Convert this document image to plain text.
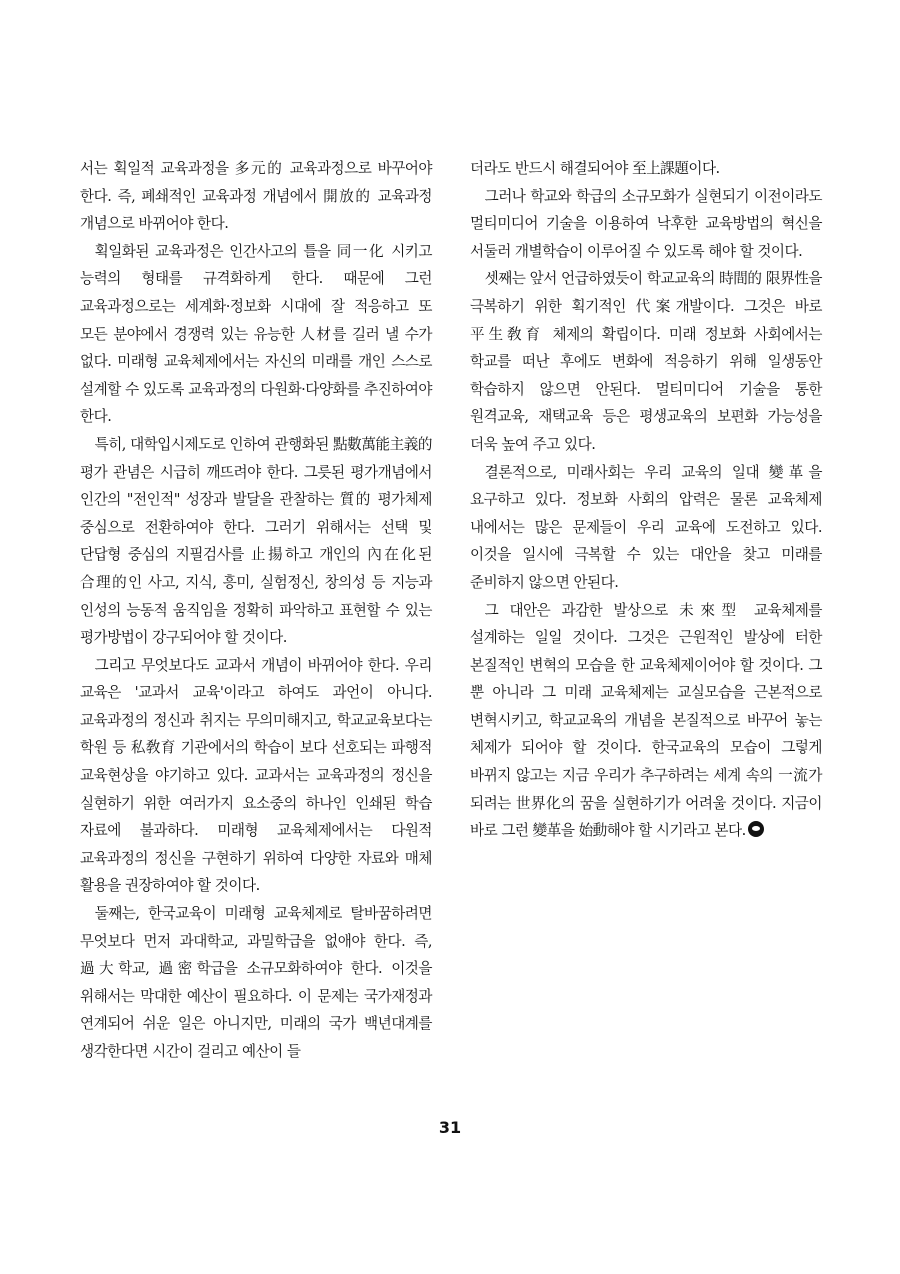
서는 획일적 교육과정을 多元的 교육과정으로 바꾸어야 한다. 즉, 폐쇄적인 교육과정 개념에서 開放的 교육과정 개념으로 바뀌어야 한다.

획일화된 교육과정은 인간사고의 틀을 同一化 시키고 능력의 형태를 규격화하게 한다. 때문에 그런 교육과정으로는 세계화·정보화 시대에 잘 적응하고 또 모든 분야에서 경쟁력 있는 유능한 人材를 길러 낼 수가 없다. 미래형 교육체제에서는 자신의 미래를 개인 스스로 설계할 수 있도록 교육과정의 다원화·다양화를 추진하여야 한다.

특히, 대학입시제도로 인하여 관행화된 點數萬能主義的 평가 관념은 시급히 깨뜨려야 한다. 그릇된 평가개념에서 인간의 "전인적" 성장과 발달을 관찰하는 質的 평가체제 중심으로 전환하여야 한다. 그러기 위해서는 선택 및 단답형 중심의 지필검사를 止揚하고 개인의 內在化된 合理的인 사고, 지식, 흥미, 실험정신, 창의성 등 지능과 인성의 능동적 움직임을 정확히 파악하고 표현할 수 있는 평가방법이 강구되어야 할 것이다.

그리고 무엇보다도 교과서 개념이 바뀌어야 한다. 우리 교육은 '교과서 교육'이라고 하여도 과언이 아니다. 교육과정의 정신과 취지는 무의미해지고, 학교교육보다는 학원 등 私敎育 기관에서의 학습이 보다 선호되는 파행적 교육현상을 야기하고 있다. 교과서는 교육과정의 정신을 실현하기 위한 여러가지 요소중의 하나인 인쇄된 학습 자료에 불과하다. 미래형 교육체제에서는 다원적 교육과정의 정신을 구현하기 위하여 다양한 자료와 매체 활용을 권장하여야 할 것이다.

둘째는, 한국교육이 미래형 교육체제로 탈바꿈하려면 무엇보다 먼저 과대학교, 과밀학급을 없애야 한다. 즉, 過大학교, 過密학급을 소규모화하여야 한다. 이것을 위해서는 막대한 예산이 필요하다. 이 문제는 국가재정과 연계되어 쉬운 일은 아니지만, 미래의 국가 백년대계를 생각한다면 시간이 걸리고 예산이 들

더라도 반드시 해결되어야 至上課題이다.

그러나 학교와 학급의 소규모화가 실현되기 이전이라도 멀티미디어 기술을 이용하여 낙후한 교육방법의 혁신을 서둘러 개별학습이 이루어질 수 있도록 해야 할 것이다.

셋째는 앞서 언급하였듯이 학교교육의 時間的 限界性을 극복하기 위한 획기적인 代案개발이다. 그것은 바로 平生敎育 체제의 확립이다. 미래 정보화 사회에서는 학교를 떠난 후에도 변화에 적응하기 위해 일생동안 학습하지 않으면 안된다. 멀티미디어 기술을 통한 원격교육, 재택교육 등은 평생교육의 보편화 가능성을 더욱 높여 주고 있다.

결론적으로, 미래사회는 우리 교육의 일대 變革을 요구하고 있다. 정보화 사회의 압력은 물론 교육체제 내에서는 많은 문제들이 우리 교육에 도전하고 있다. 이것을 일시에 극복할 수 있는 대안을 찾고 미래를 준비하지 않으면 안된다.

그 대안은 과감한 발상으로 未來型 교육체제를 설계하는 일일 것이다. 그것은 근원적인 발상에 터한 본질적인 변혁의 모습을 한 교육체제이어야 할 것이다. 그 뿐 아니라 그 미래 교육체제는 교실모습을 근본적으로 변혁시키고, 학교교육의 개념을 본질적으로 바꾸어 놓는 체제가 되어야 할 것이다. 한국교육의 모습이 그렇게 바뀌지 않고는 지금 우리가 추구하려는 세계 속의 一流가 되려는 世界化의 꿈을 실현하기가 어려울 것이다. 지금이 바로 그런 變革을 始動해야 할 시기라고 본다.

31
